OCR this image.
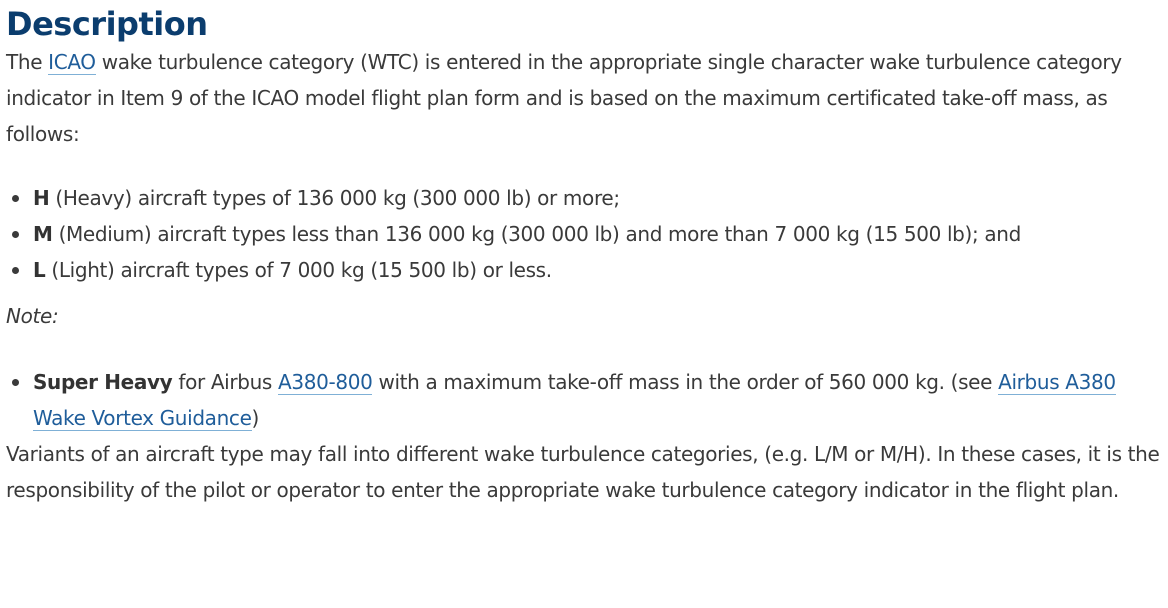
Description

The ICAO wake turbulence category (WTC) is entered in the appropriate single character wake turbulence category indicator in Item 9 of the ICAO model flight plan form and is based on the maximum certificated take-off mass, as follows:

H (Heavy) aircraft types of 136 000 kg (300 000 lb) or more;
M (Medium) aircraft types less than 136 000 kg (300 000 lb) and more than 7 000 kg (15 500 lb); and
L (Light) aircraft types of 7 000 kg (15 500 lb) or less.

Note:

Super Heavy for Airbus A380-800 with a maximum take-off mass in the order of 560 000 kg. (see Airbus A380 Wake Vortex Guidance)

Variants of an aircraft type may fall into different wake turbulence categories, (e.g. L/M or M/H). In these cases, it is the responsibility of the pilot or operator to enter the appropriate wake turbulence category indicator in the flight plan.
